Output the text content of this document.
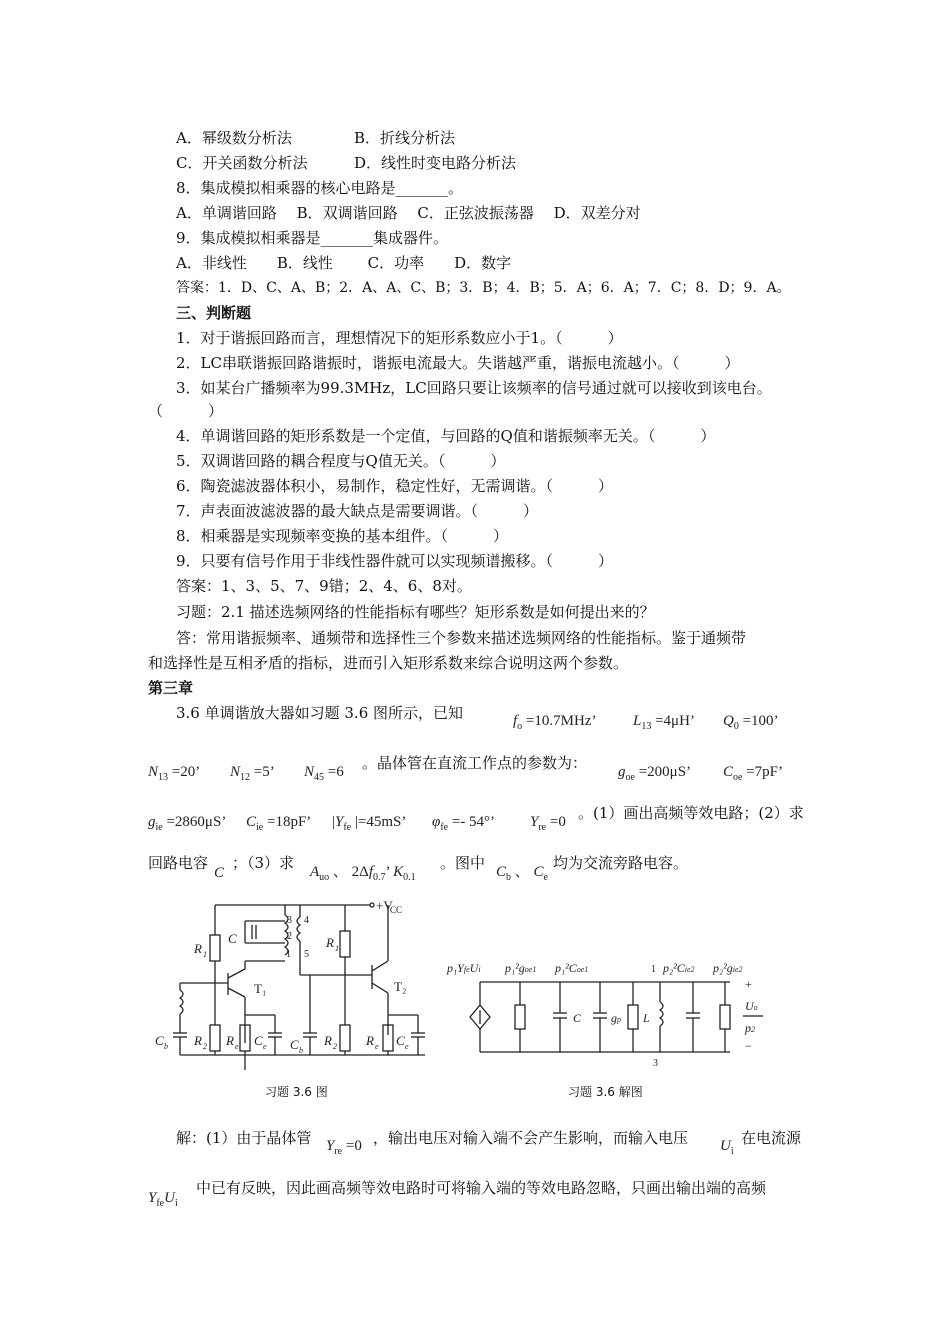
A．幂级数分析法	B．折线分析法
C．开关函数分析法	D．线性时变电路分析法
8．集成模拟相乘器的核心电路是_______。
A．单调谐回路　 B．双调谐回路　 C．正弦波振荡器　 D．双差分对
9．集成模拟相乘器是_______集成器件。
A．非线性　　B．线性　　 C．功率　　D．数字
答案：1．D、C、A、B；2．A、A、C、B；3．B；4．B；5．A；6．A；7．C；8．D；9．A。
三、判断题
1．对于谐振回路而言，理想情况下的矩形系数应小于1。（　　　）
2．LC串联谐振回路谐振时，谐振电流最大。失谐越严重，谐振电流越小。（　　　）
3．如某台广播频率为99.3MHz，LC回路只要让该频率的信号通过就可以接收到该电台。
（　　　）
4．单调谐回路的矩形系数是一个定值，与回路的Q值和谐振频率无关。（　　　）
5．双调谐回路的耦合程度与Q值无关。（　　　）
6．陶瓷滤波器体积小，易制作，稳定性好，无需调谐。（　　　）
7．声表面波滤波器的最大缺点是需要调谐。（　　　）
8．相乘器是实现频率变换的基本组件。（　　　）
9．只要有信号作用于非线性器件就可以实现频谱搬移。（　　　）
答案：1、3、5、7、9错；2、4、6、8对。
习题：2.1 描述选频网络的性能指标有哪些？矩形系数是如何提出来的？
答：常用谐振频率、通频带和选择性三个参数来描述选频网络的性能指标。鉴于通频带
和选择性是互相矛盾的指标，进而引入矩形系数来综合说明这两个参数。
第三章
3.6 单调谐放大器如习题 3.6 图所示，已知	$f_o =10.7MHz$’ $L_{13} =4\mu H$’ $Q_0 =100$’
$N_{13} =20$’ $N_{12} =5$’ $N_{45} =6$ 。晶体管在直流工作点的参数为： $g_{oe} =200\mu S$’ $C_{oe} =7pF$’
$g_{ie} =2860\mu S$’ $C_{ie} =18pF$’ $|Y_{fe}$ |=45mS’ $\varphi_{fe} =- 54^\circ$’ $Y_{re} =0$ 。(1）画出高频等效电路；(2）求
回路电容
C
；（3）求 $A_{uo}$ 、 $2\Delta f_{0.7}$’ $K_{0.1}$
。图中 $C_b$ 、 $C_e$
均为交流旁路电容。
+V
CC
R 1
R 1
C
T₁	T₂
R 2 R e C e
C b	C b
R 2 R e C e
3 4
2
1 5
习题 3.6 图
p₁YfeUi p₁²goe1 p₁²Coe1	1 p₂²Cie2 p₂²gie2
C gp L
+
Uo
p2
−
3
习题 3.6 解图
解：(1）由于晶体管 $Y_{re} =0$ ，输出电压对输入端不会产生影响，而输入电压 $U_i$
在电流源
$Y_{fe}U_i$
中已有反映，因此画高频等效电路时可将输入端的等效电路忽略，只画出输出端的高频
